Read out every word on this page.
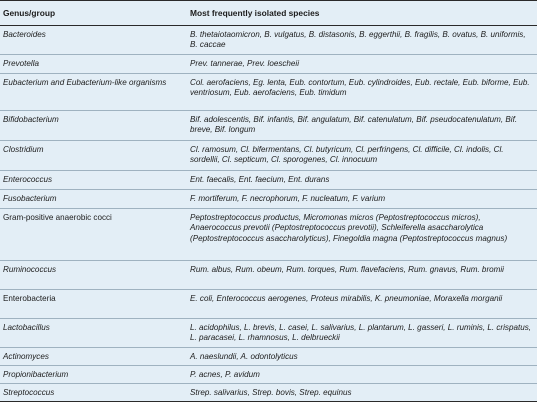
Genus/group	Most frequently isolated species
Bacteroides	B. thetaiotaomicron, B. vulgatus, B. distasonis, B. eggerthii, B. fragilis, B. ovatus, B. uniformis, B. caccae
Prevotella	Prev. tannerae, Prev. loescheii
Eubacterium and Eubacterium-like organisms	Col. aerofaciens, Eg. lenta, Eub. contortum, Eub. cylindroides, Eub. rectale, Eub. biforme, Eub. ventriosum, Eub. aerofaciens, Eub. timidum
Bifidobacterium	Bif. adolescentis, Bif. infantis, Bif. angulatum, Bif. catenulatum, Bif. pseudocatenulatum, Bif. breve, Bif. longum
Clostridium	Cl. ramosum, Cl. bifermentans, Cl. butyricum, Cl. perfringens, Cl. difficile, Cl. indolis, Cl. sordellii, Cl. septicum, Cl. sporogenes, Cl. innocuum
Enterococcus	Ent. faecalis, Ent. faecium, Ent. durans
Fusobacterium	F. mortiferum, F. necrophorum, F. nucleatum, F. varium
Gram-positive anaerobic cocci	Peptostreptococcus productus, Micromonas micros (Peptostreptococcus micros), Anaerococcus prevotii (Peptostreptococcus prevotii), Schleiferella asaccharolytica (Peptostreptococcus asaccharolyticus), Finegoldia magna (Peptostreptococcus magnus)
Ruminococcus	Rum. albus, Rum. obeum, Rum. torques, Rum. flavefaciens, Rum. gnavus, Rum. bromii
Enterobacteria	E. coli, Enterococcus aerogenes, Proteus mirabilis, K. pneumoniae, Moraxella morganii
Lactobacillus	L. acidophilus, L. brevis, L. casei, L. salivarius, L. plantarum, L. gasseri, L. ruminis, L. crispatus, L. paracasei, L. rhamnosus, L. delbrueckii
Actinomyces	A. naeslundii, A. odontolyticus
Propionibacterium	P. acnes, P. avidum
Streptococcus	Strep. salivarius, Strep. bovis, Strep. equinus
